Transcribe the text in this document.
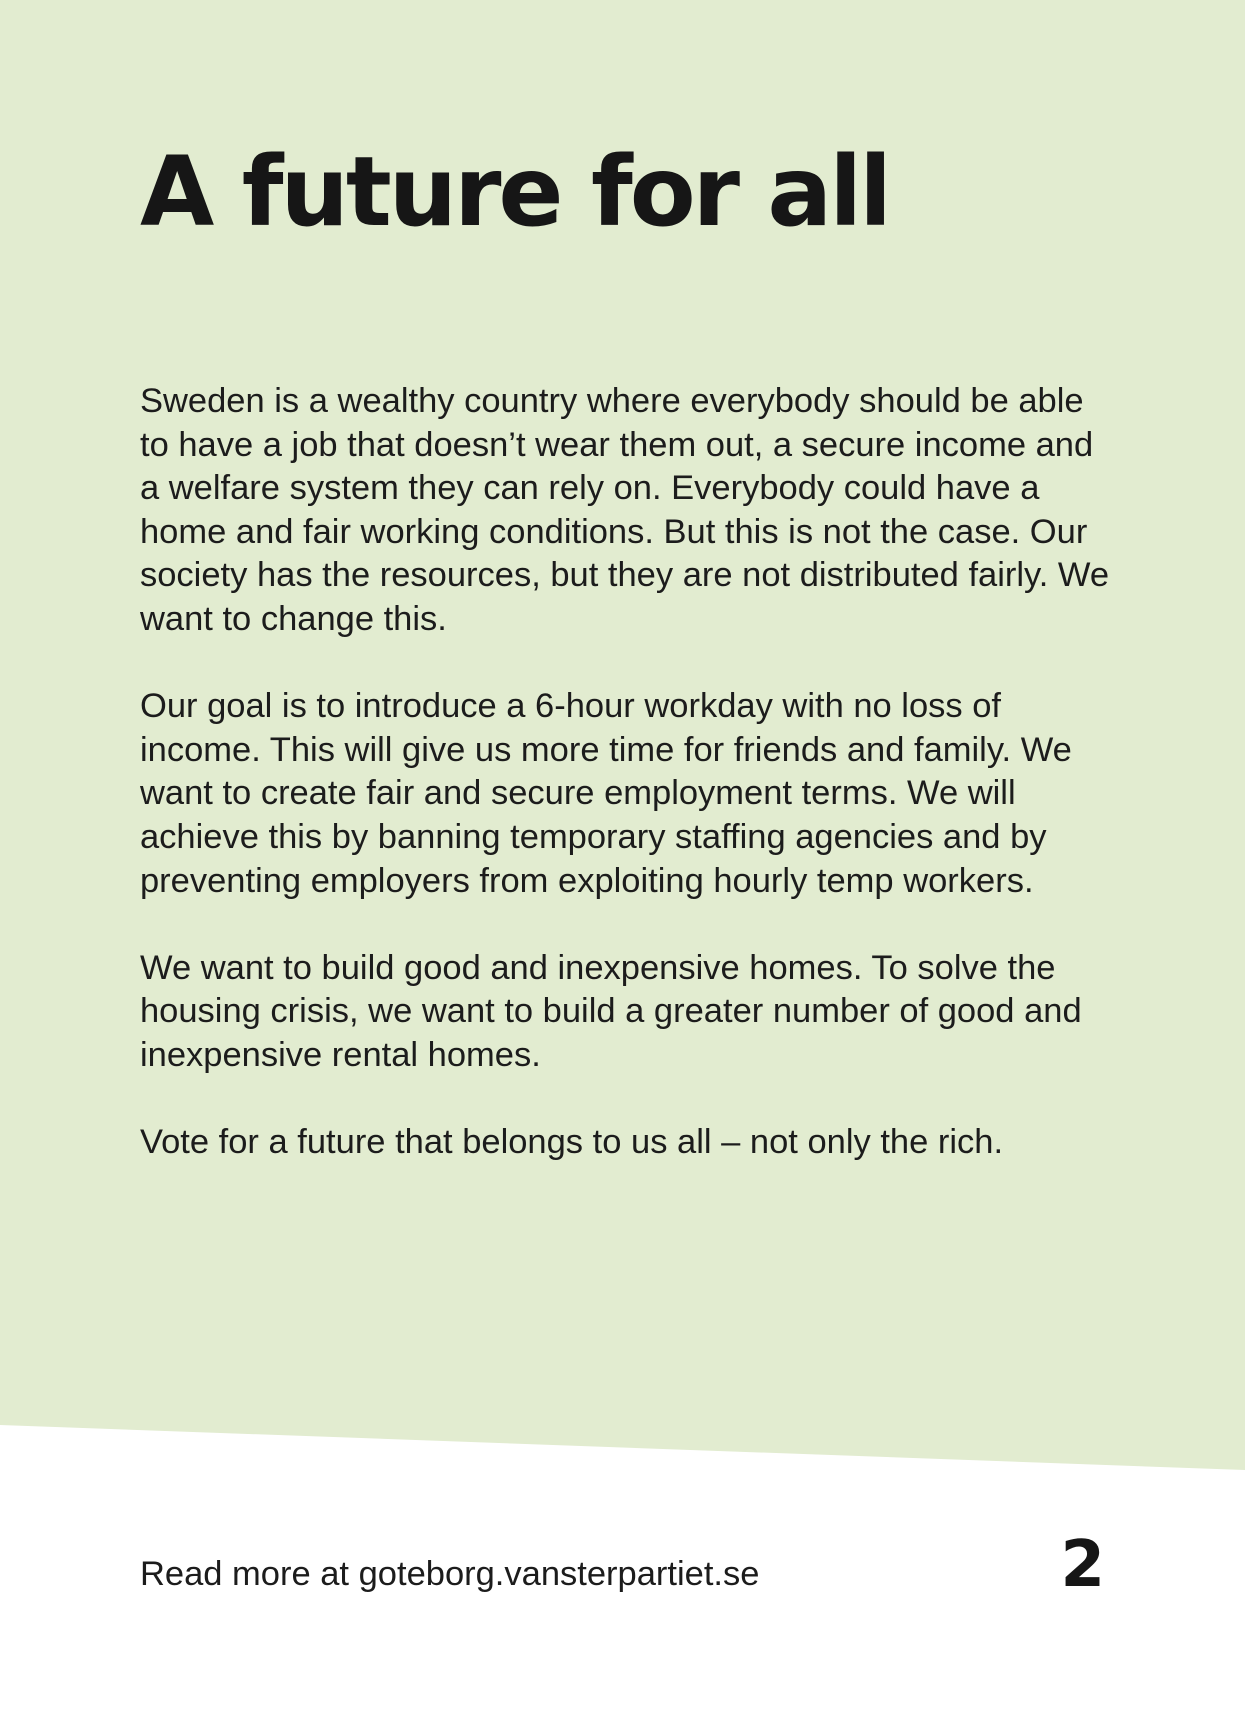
A future for all

Sweden is a wealthy country where everybody should be able to have a job that doesn’t wear them out, a secure income and a welfare system they can rely on. Everybody could have a home and fair working conditions. But this is not the case. Our society has the resources, but they are not distributed fairly. We want to change this.

Our goal is to introduce a 6-hour workday with no loss of income. This will give us more time for friends and family. We want to create fair and secure employment terms. We will achieve this by banning temporary staffing agencies and by preventing employers from exploiting hourly temp workers.

We want to build good and inexpensive homes. To solve the housing crisis, we want to build a greater number of good and inexpensive rental homes.

Vote for a future that belongs to us all – not only the rich.

Read more at goteborg.vansterpartiet.se	2
